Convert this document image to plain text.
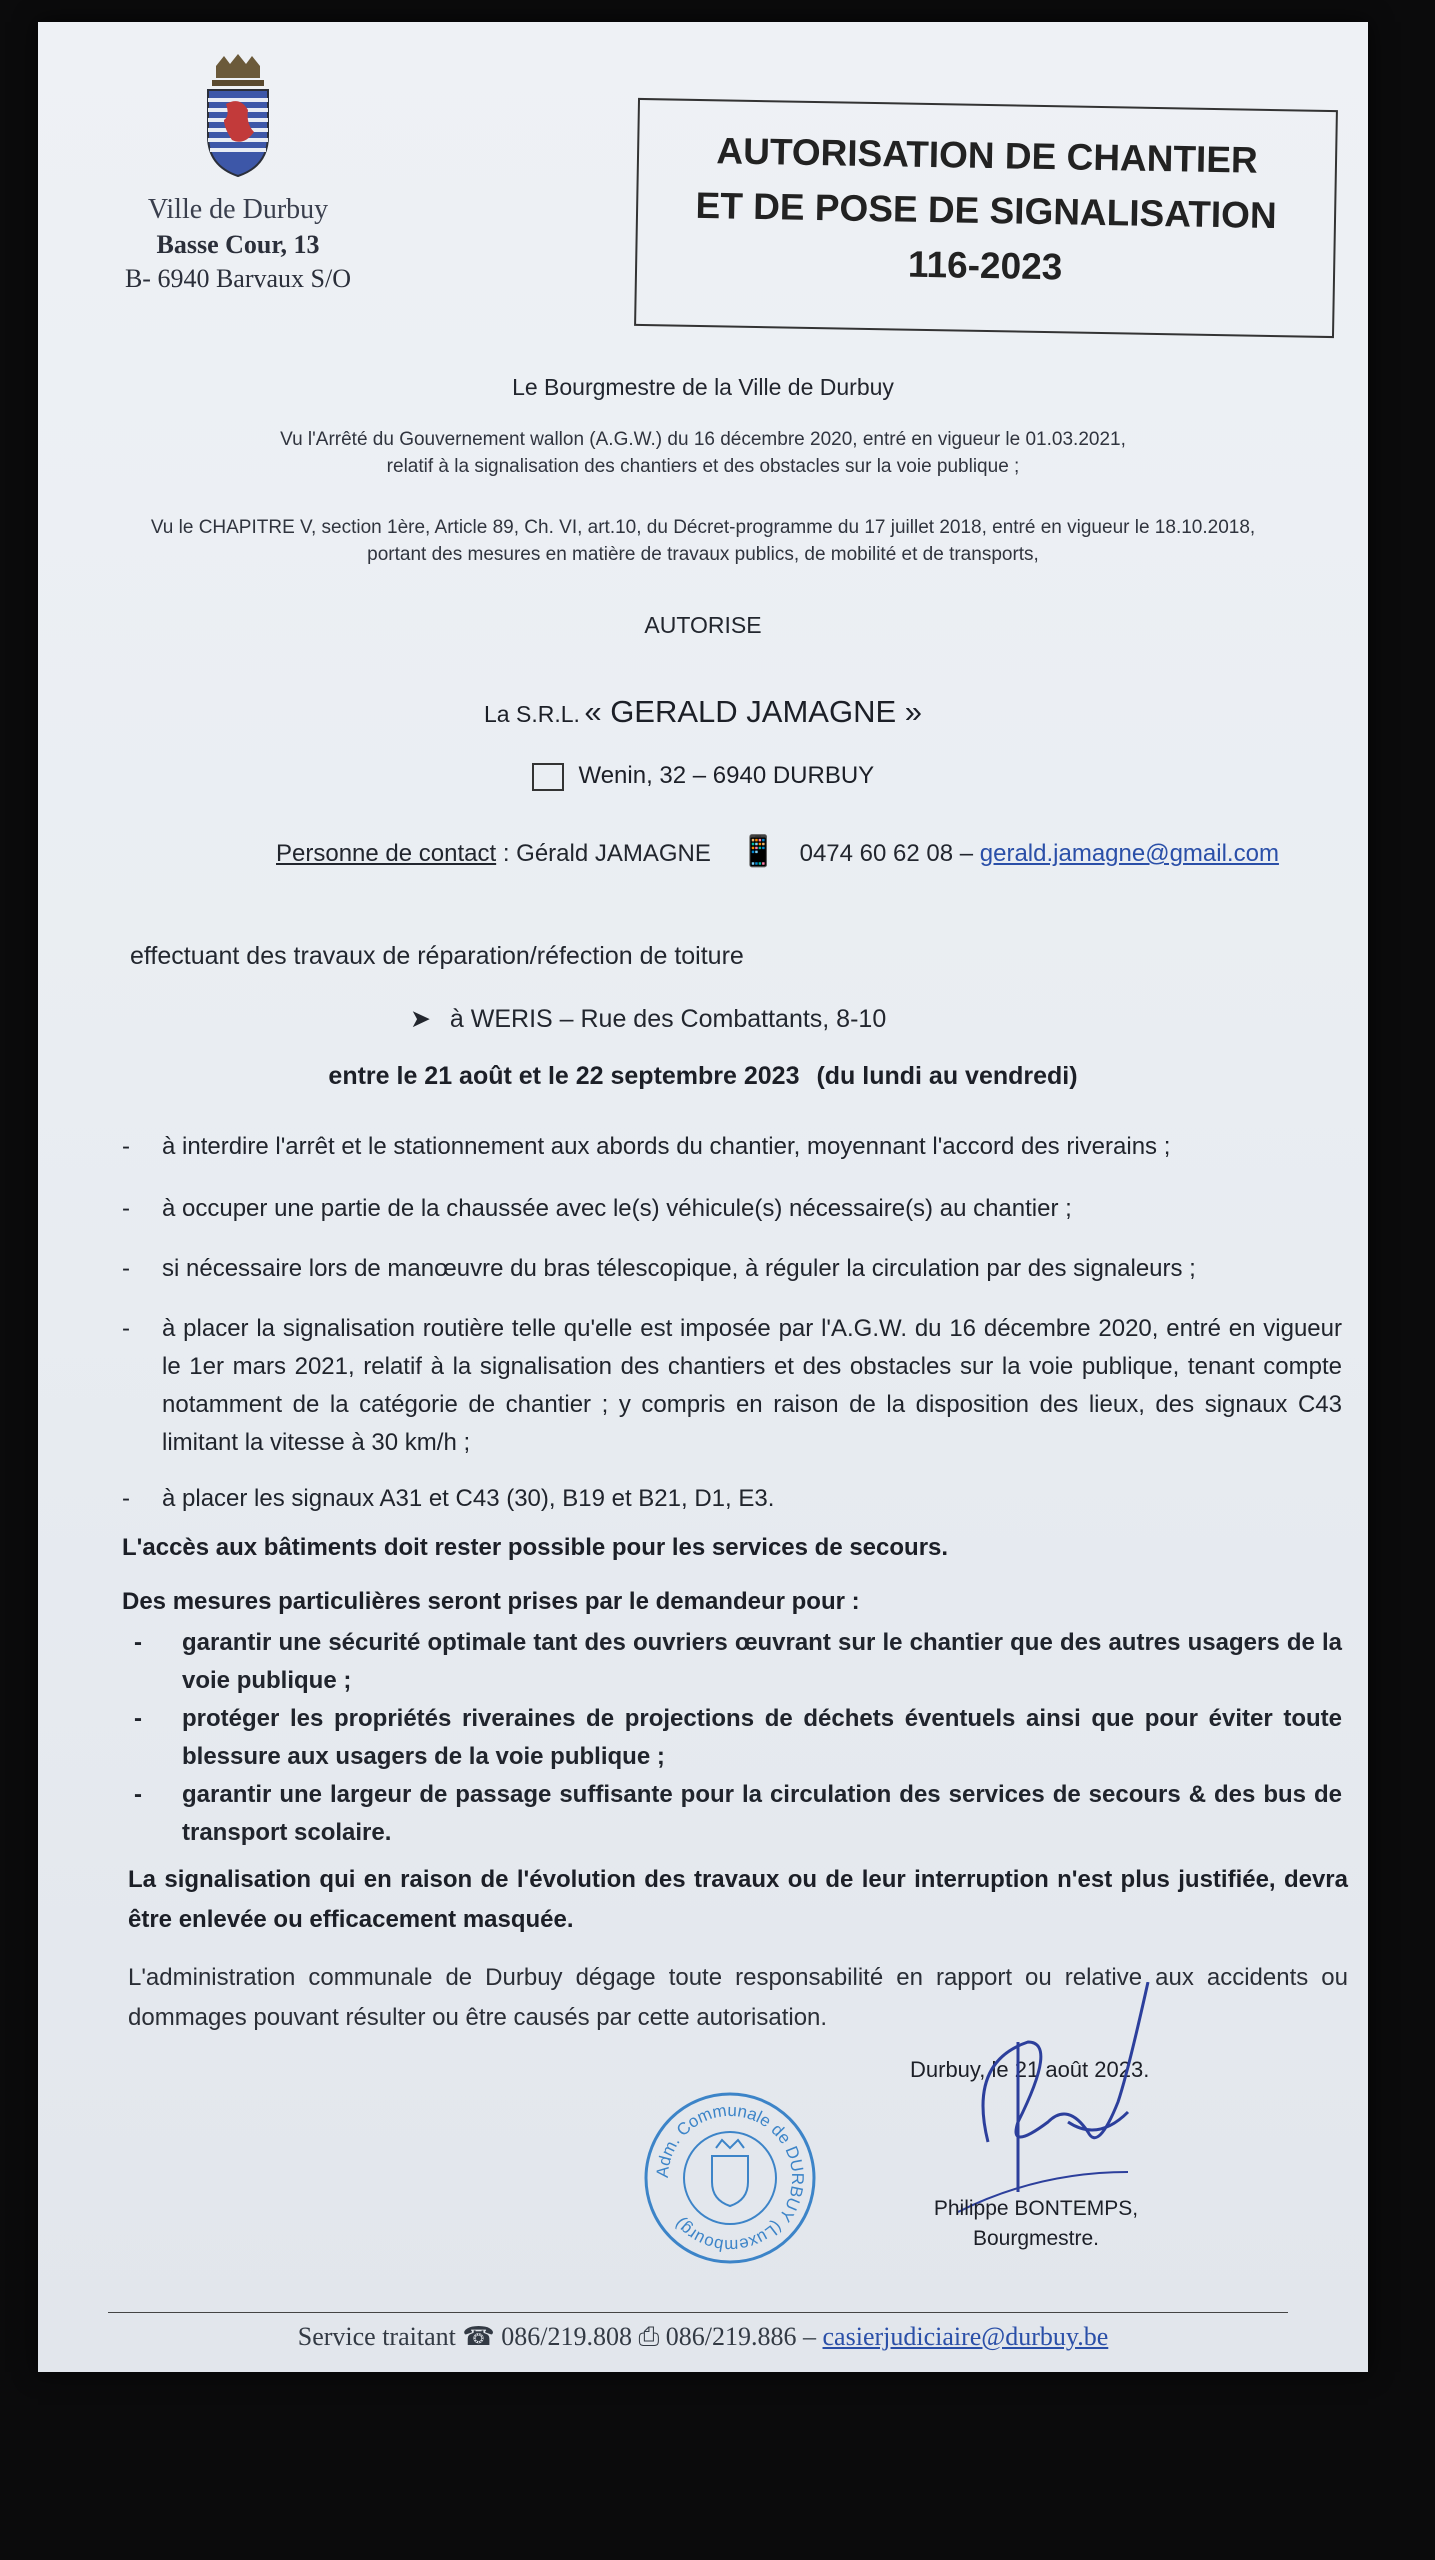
Ville de Durbuy
Basse Cour, 13
B- 6940 Barvaux S/O
AUTORISATION DE CHANTIER
ET DE POSE DE SIGNALISATION
116-2023
Le Bourgmestre de la Ville de Durbuy
Vu l'Arrêté du Gouvernement wallon (A.G.W.) du 16 décembre 2020, entré en vigueur le 01.03.2021,
relatif à la signalisation des chantiers et des obstacles sur la voie publique ;
Vu le CHAPITRE V, section 1ère, Article 89, Ch. VI, art.10, du Décret-programme du 17 juillet 2018, entré en vigueur le 18.10.2018,
portant des mesures en matière de travaux publics, de mobilité et de transports,
AUTORISE
La S.R.L. « GERALD JAMAGNE »
Wenin, 32 – 6940 DURBUY
Personne de contact : Gérald JAMAGNE 📱 0474 60 62 08 – gerald.jamagne@gmail.com
effectuant des travaux de réparation/réfection de toiture
➤ à WERIS – Rue des Combattants, 8-10
entre le 21 août et le 22 septembre 2023 (du lundi au vendredi)
- à interdire l'arrêt et le stationnement aux abords du chantier, moyennant l'accord des riverains ;
- à occuper une partie de la chaussée avec le(s) véhicule(s) nécessaire(s) au chantier ;
- si nécessaire lors de manœuvre du bras télescopique, à réguler la circulation par des signaleurs ;
- à placer la signalisation routière telle qu'elle est imposée par l'A.G.W. du 16 décembre 2020, entré en vigueur le 1er mars 2021, relatif à la signalisation des chantiers et des obstacles sur la voie publique, tenant compte notamment de la catégorie de chantier ; y compris en raison de la disposition des lieux, des signaux C43 limitant la vitesse à 30 km/h ;
- à placer les signaux A31 et C43 (30), B19 et B21, D1, E3.
L'accès aux bâtiments doit rester possible pour les services de secours.
Des mesures particulières seront prises par le demandeur pour :
- garantir une sécurité optimale tant des ouvriers œuvrant sur le chantier que des autres usagers de la voie publique ;
- protéger les propriétés riveraines de projections de déchets éventuels ainsi que pour éviter toute blessure aux usagers de la voie publique ;
- garantir une largeur de passage suffisante pour la circulation des services de secours & des bus de transport scolaire.
La signalisation qui en raison de l'évolution des travaux ou de leur interruption n'est plus justifiée, devra être enlevée ou efficacement masquée.
L'administration communale de Durbuy dégage toute responsabilité en rapport ou relative aux accidents ou dommages pouvant résulter ou être causés par cette autorisation.
Durbuy, le 21 août 2023.
Philippe BONTEMPS,
Bourgmestre.
Adm. Communale de DURBUY (Luxembourg)
Service traitant ☎ 086/219.808 ⎙ 086/219.886 – casierjudiciaire@durbuy.be
